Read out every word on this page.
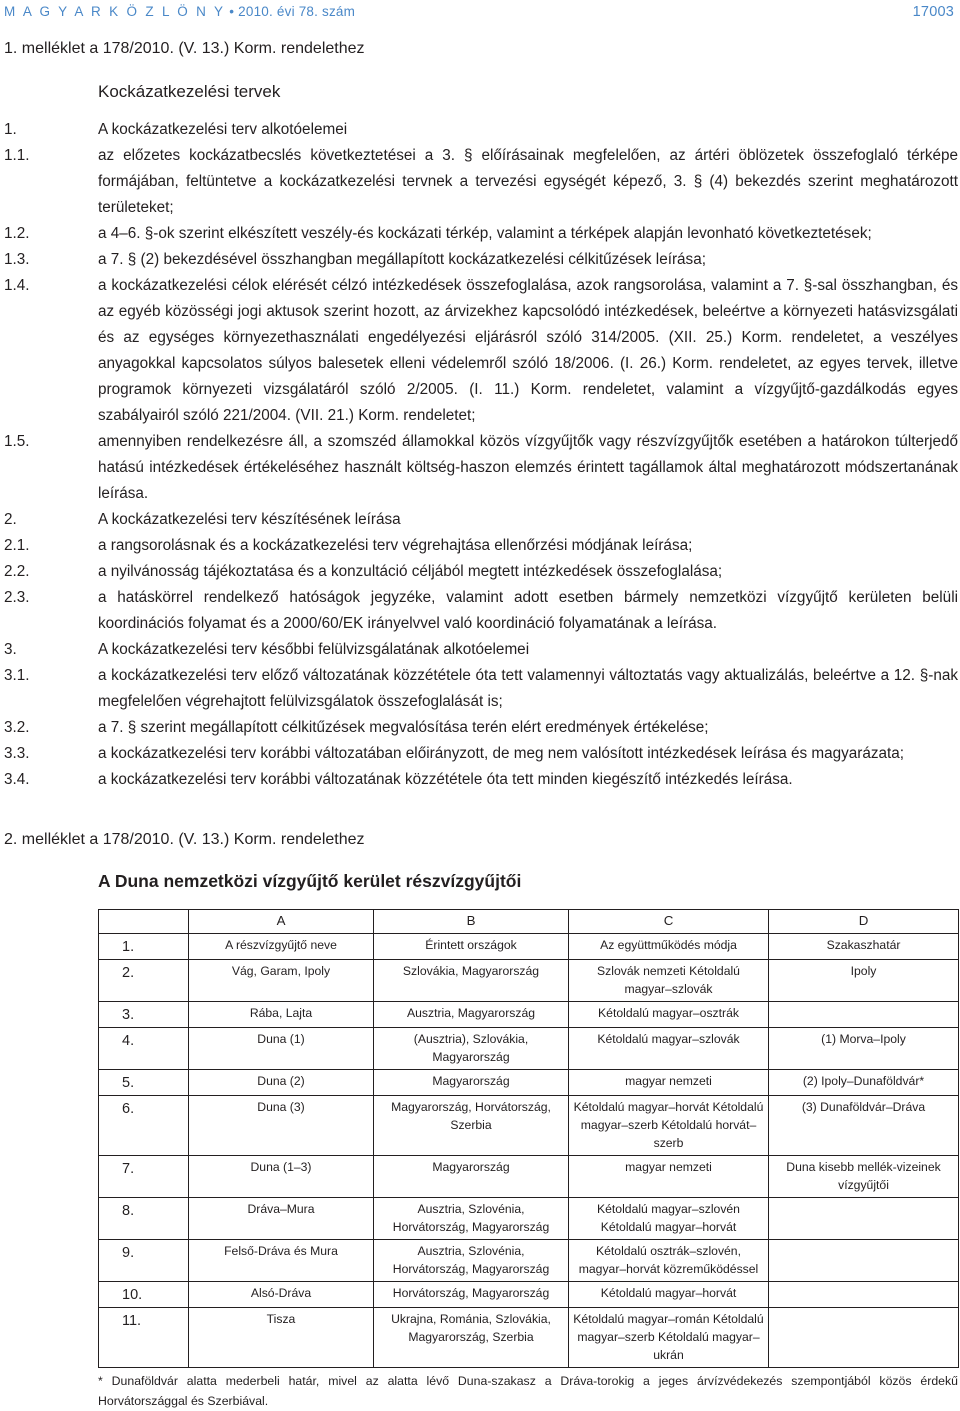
M A G Y A R K Ö Z L Ö N Y • 2010. évi 78. szám	17003
1. melléklet a 178/2010. (V. 13.) Korm. rendelethez
Kockázatkezelési tervek
1.	A kockázatkezelési terv alkotóelemei
1.1.	az előzetes kockázatbecslés következtetései a 3. § előírásainak megfelelően, az ártéri öblözetek összefoglaló térképe formájában, feltüntetve a kockázatkezelési tervnek a tervezési egységét képező, 3. § (4) bekezdés szerint meghatározott területeket;
1.2.	a 4–6. §-ok szerint elkészített veszély-és kockázati térkép, valamint a térképek alapján levonható következtetések;
1.3.	a 7. § (2) bekezdésével összhangban megállapított kockázatkezelési célkitűzések leírása;
1.4.	a kockázatkezelési célok elérését célzó intézkedések összefoglalása, azok rangsorolása, valamint a 7. §-sal összhangban, és az egyéb közösségi jogi aktusok szerint hozott, az árvizekhez kapcsolódó intézkedések, beleértve a környezeti hatásvizsgálati és az egységes környezethasználati engedélyezési eljárásról szóló 314/2005. (XII. 25.) Korm. rendeletet, a veszélyes anyagokkal kapcsolatos súlyos balesetek elleni védelemről szóló 18/2006. (I. 26.) Korm. rendeletet, az egyes tervek, illetve programok környezeti vizsgálatáról szóló 2/2005. (I. 11.) Korm. rendeletet, valamint a vízgyűjtő-gazdálkodás egyes szabályairól szóló 221/2004. (VII. 21.) Korm. rendeletet;
1.5.	amennyiben rendelkezésre áll, a szomszéd államokkal közös vízgyűjtők vagy részvízgyűjtők esetében a határokon túlterjedő hatású intézkedések értékeléséhez használt költség-haszon elemzés érintett tagállamok által meghatározott módszertanának leírása.
2.	A kockázatkezelési terv készítésének leírása
2.1.	a rangsorolásnak és a kockázatkezelési terv végrehajtása ellenőrzési módjának leírása;
2.2.	a nyilvánosság tájékoztatása és a konzultáció céljából megtett intézkedések összefoglalása;
2.3.	a hatáskörrel rendelkező hatóságok jegyzéke, valamint adott esetben bármely nemzetközi vízgyűjtő kerületen belüli koordinációs folyamat és a 2000/60/EK irányelvvel való koordináció folyamatának a leírása.
3.	A kockázatkezelési terv későbbi felülvizsgálatának alkotóelemei
3.1.	a kockázatkezelési terv előző változatának közzététele óta tett valamennyi változtatás vagy aktualizálás, beleértve a 12. §-nak megfelelően végrehajtott felülvizsgálatok összefoglalását is;
3.2.	a 7. § szerint megállapított célkitűzések megvalósítása terén elért eredmények értékelése;
3.3.	a kockázatkezelési terv korábbi változatában előirányzott, de meg nem valósított intézkedések leírása és magyarázata;
3.4.	a kockázatkezelési terv korábbi változatának közzététele óta tett minden kiegészítő intézkedés leírása.
2. melléklet a 178/2010. (V. 13.) Korm. rendelethez
A Duna nemzetközi vízgyűjtő kerület részvízgyűjtői
	A	B	C	D
1.	A részvízgyűjtő neve	Érintett országok	Az együttműködés módja	Szakaszhatár
2.	Vág, Garam, Ipoly	Szlovákia, Magyarország	Szlovák nemzeti Kétoldalú magyar–szlovák	Ipoly
3.	Rába, Lajta	Ausztria, Magyarország	Kétoldalú magyar–osztrák	
4.	Duna (1)	(Ausztria), Szlovákia, Magyarország	Kétoldalú magyar–szlovák	(1) Morva–Ipoly
5.	Duna (2)	Magyarország	magyar nemzeti	(2) Ipoly–Dunaföldvár*
6.	Duna (3)	Magyarország, Horvátország, Szerbia	Kétoldalú magyar–horvát Kétoldalú magyar–szerb Kétoldalú horvát–szerb	(3) Dunaföldvár–Dráva
7.	Duna (1–3)	Magyarország	magyar nemzeti	Duna kisebb mellék-vizeinek vízgyűjtői
8.	Dráva–Mura	Ausztria, Szlovénia, Horvátország, Magyarország	Kétoldalú magyar–szlovén Kétoldalú magyar–horvát	
9.	Felső-Dráva és Mura	Ausztria, Szlovénia, Horvátország, Magyarország	Kétoldalú osztrák–szlovén, magyar–horvát közreműködéssel	
10.	Alsó-Dráva	Horvátország, Magyarország	Kétoldalú magyar–horvát	
11.	Tisza	Ukrajna, Románia, Szlovákia, Magyarország, Szerbia	Kétoldalú magyar–román Kétoldalú magyar–szerb Kétoldalú magyar–ukrán	
* Dunaföldvár alatta mederbeli határ, mivel az alatta lévő Duna-szakasz a Dráva-torokig a jeges árvízvédekezés szempontjából közös érdekű Horvátországgal és Szerbiával.
